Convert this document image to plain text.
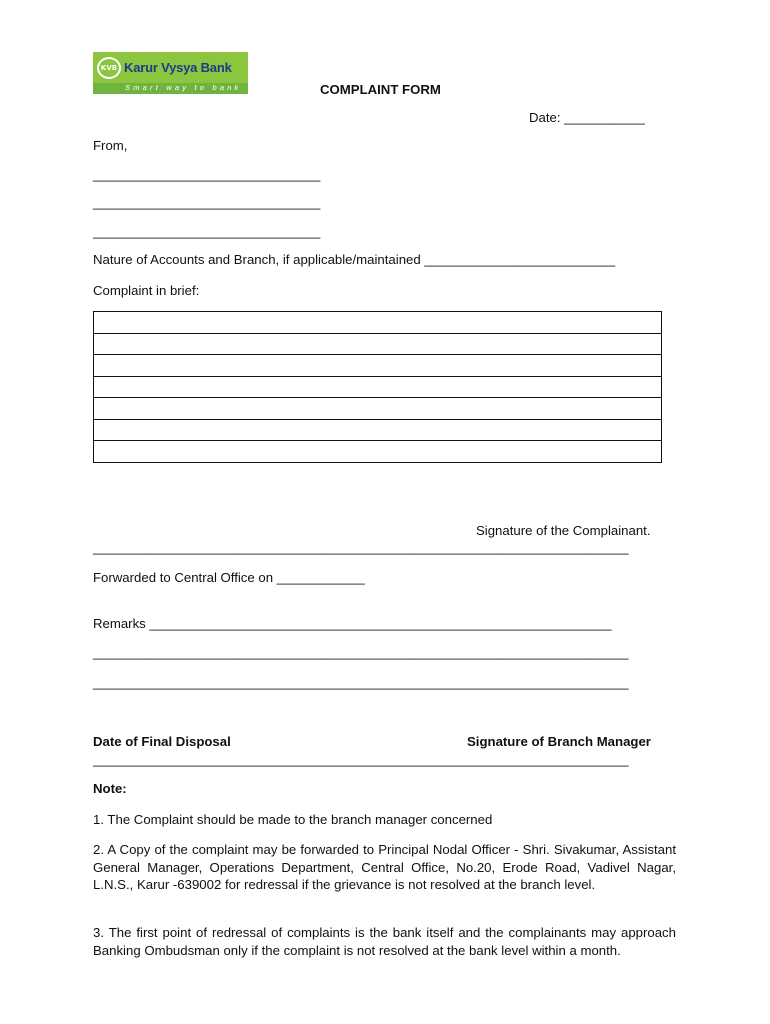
KVB Karur Vysya Bank
Smart way to bank	COMPLAINT FORM
Date: ___________
From,
_______________________________
_______________________________
_______________________________
Nature of Accounts and Branch, if applicable/maintained __________________________
Complaint in brief:
Signature of the Complainant.
_________________________________________________________________________
Forwarded to Central Office on ____________
Remarks _______________________________________________________________
_________________________________________________________________________
_________________________________________________________________________
Date of Final Disposal	Signature of Branch Manager
_________________________________________________________________________
Note:
1. The Complaint should be made to the branch manager concerned
2. A Copy of the complaint may be forwarded to Principal Nodal Officer - Shri. Sivakumar, Assistant General Manager, Operations Department, Central Office, No.20, Erode Road, Vadivel Nagar, L.N.S., Karur -639002 for redressal if the grievance is not resolved at the branch level.
3. The first point of redressal of complaints is the bank itself and the complainants may approach Banking Ombudsman only if the complaint is not resolved at the bank level within a month.
